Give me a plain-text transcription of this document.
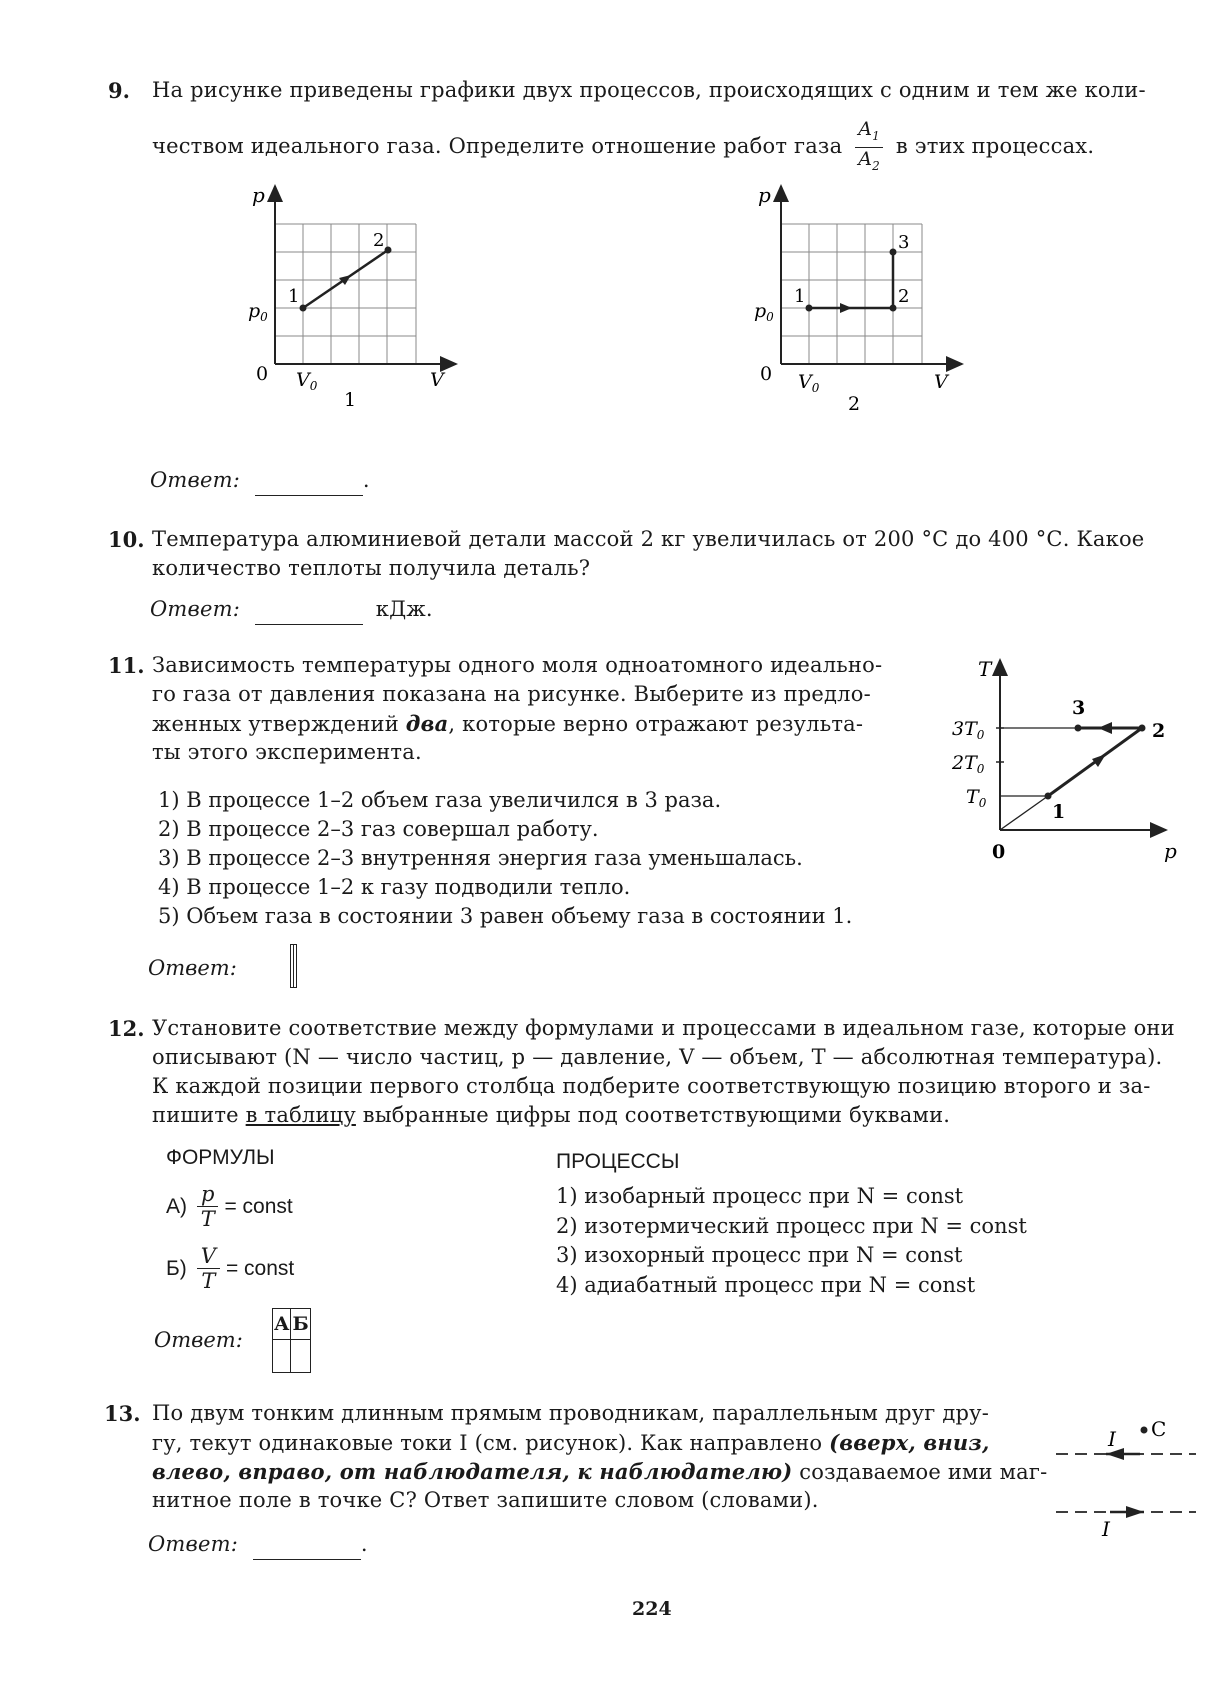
9. На рисунке приведены графики двух процессов, происходящих с одним и тем же коли-
чеством идеального газа. Определите отношение работ газа $\frac{A_1}{A_2}$ в этих процессах.
p
1
2
$p_0$
0 $V_0$	V
1
p
1	2
3
$p_0$
0 $V_0$	V
2
Ответ:	.
10. Температура алюминиевой детали массой 2 кг увеличилась от 200 °С до 400 °С. Какое
количество теплоты получила деталь?
Ответ:	кДж.
11. Зависимость температуры одного моля одноатомного идеально-
го газа от давления показана на рисунке. Выберите из предло-
женных утверждений два, которые верно отражают результа-
ты этого эксперимента.
1) В процессе 1–2 объем газа увеличился в 3 раза.
2) В процессе 2–3 газ совершал работу.
3) В процессе 2–3 внутренняя энергия газа уменьшалась.
4) В процессе 1–2 к газу подводили тепло.
5) Объем газа в состоянии 3 равен объему газа в состоянии 1.
T
$3T_0$
$2T_0$
$T_0$
3
2
1
0	p
Ответ:

12. Установите соответствие между формулами и процессами в идеальном газе, которые они
описывают (N — число частиц, p — давление, V — объем, T — абсолютная температура).
К каждой позиции первого столбца подберите соответствующую позицию второго и за-
пишите в таблицу выбранные цифры под соответствующими буквами.
ФОРМУЛЫ	ПРОЦЕССЫ
$А) \frac{p}{T}$ = const
$Б) \frac{V}{T}$ = const
1) изобарный процесс при N = const
2) изотермический процесс при N = const
3) изохорный процесс при N = const
4) адиабатный процесс при N = const
Ответ:
А	Б

13. По двум тонким длинным прямым проводникам, параллельным друг дру-
гу, текут одинаковые токи I (см. рисунок). Как направлено (вверх, вниз,
влево, вправо, от наблюдателя, к наблюдателю) создаваемое ими маг-
нитное поле в точке С? Ответ запишите словом (словами).
I
I
С
Ответ:	.
224
